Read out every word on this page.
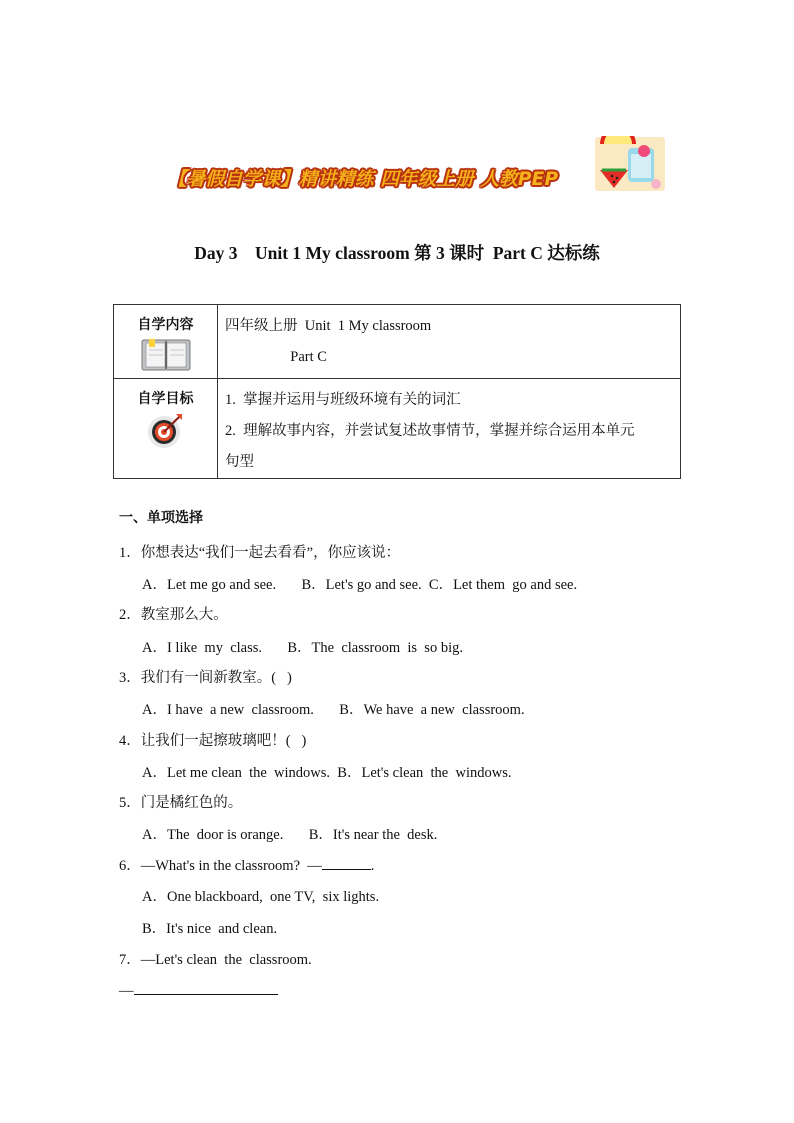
【暑假自学课】精讲精练 四年级上册 人教PEP
Day 3    Unit 1 My classroom 第 3 课时  Part C 达标练
自学内容	四年级上册  Unit  1 My classroom
Part C

自学目标	1.  掌握并运用与班级环境有关的词汇
2.  理解故事内容，并尝试复述故事情节，掌握并综合运用本单元
句型
一、单项选择
1．你想表达“我们一起去看看”，你应该说：
A．Let me go and see.       B．Let's go and see.  C．Let them  go and see.
2．教室那么大。
A．I like  my  class.       B．The  classroom  is  so big.
3．我们有一间新教室。(   )
A．I have  a new  classroom.       B．We have  a new  classroom.
4．让我们一起擦玻璃吧！(   )
A．Let me clean  the  windows.  B．Let's clean  the  windows.
5．门是橘红色的。
A．The  door is orange.       B．It's near the  desk.
6．—What's in the classroom?  —	.
A．One blackboard,  one TV,  six lights.
B．It's nice  and clean.
7．—Let's clean  the  classroom.
—
